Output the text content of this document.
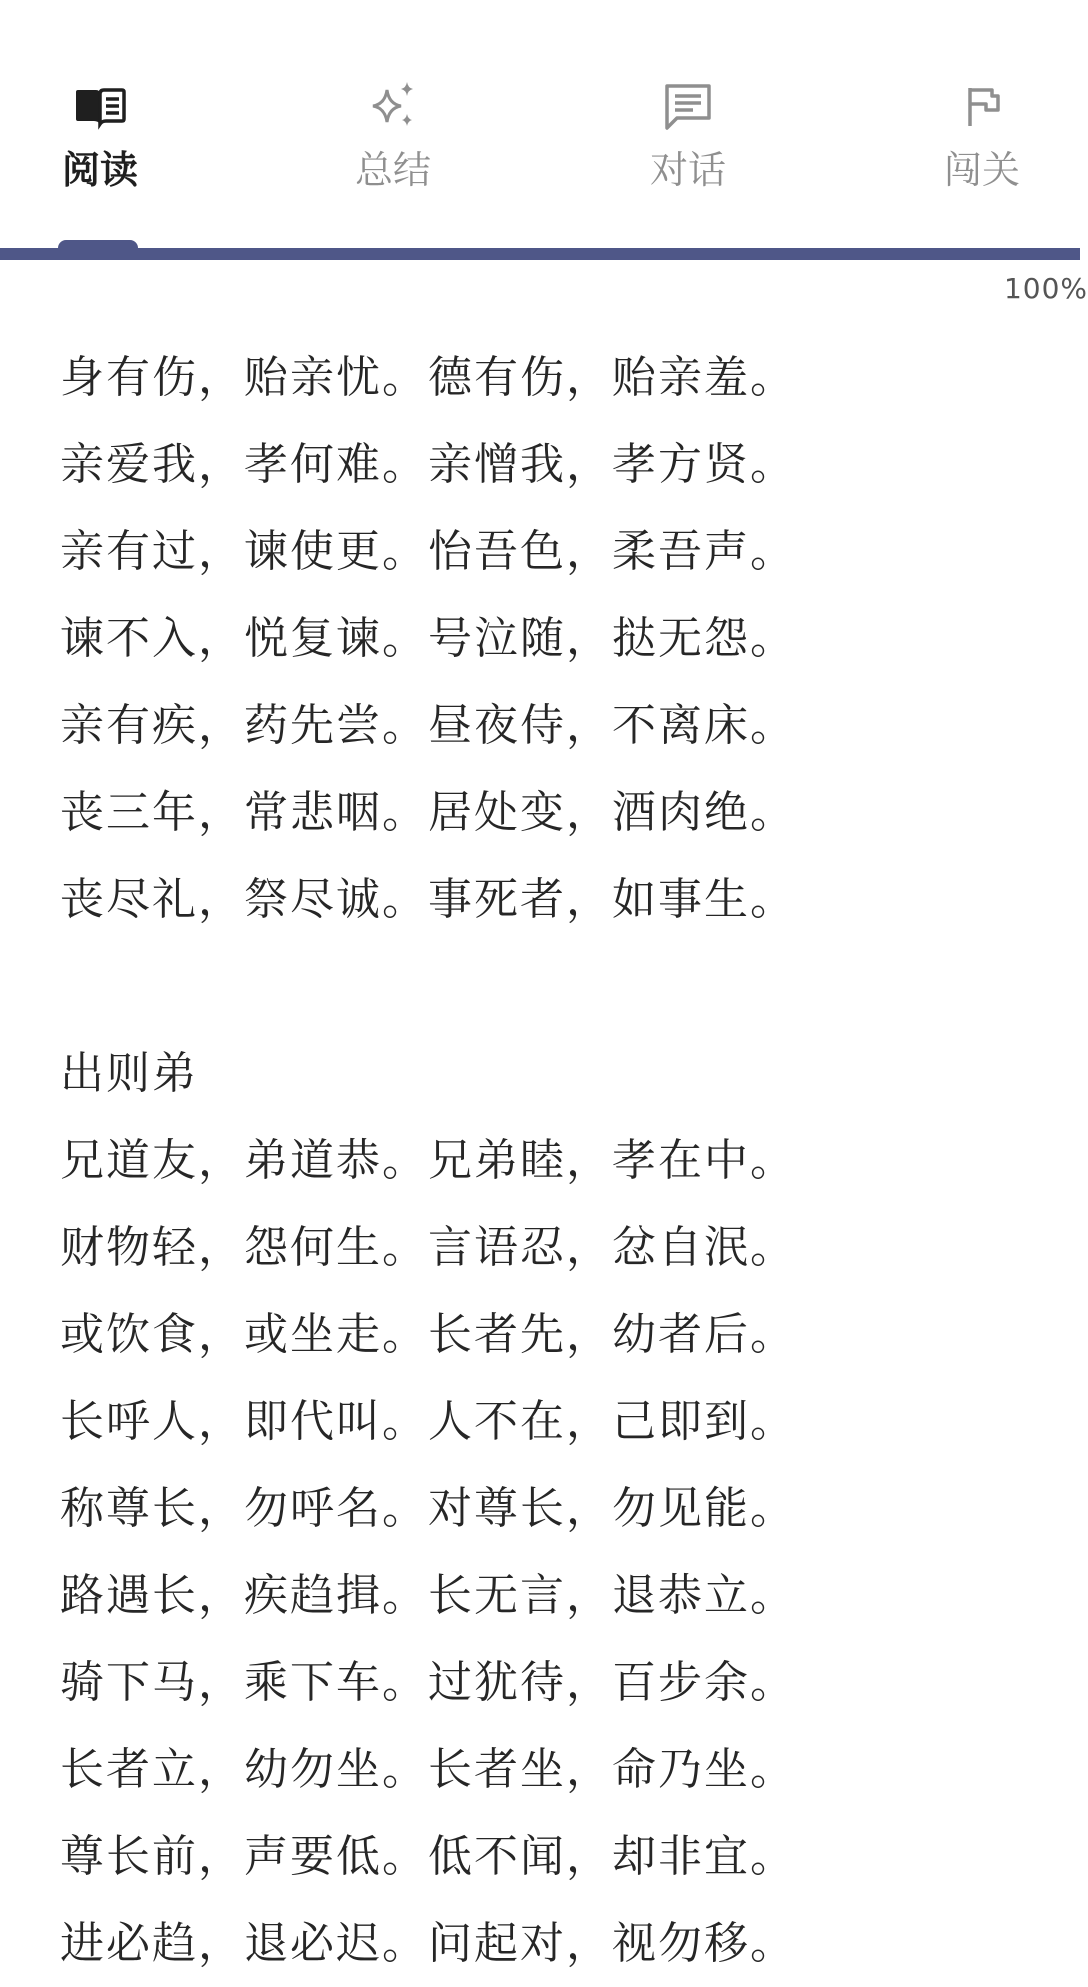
阅读	总结	对话	闯关
100%
身有伤，贻亲忧。德有伤，贻亲羞。
亲爱我，孝何难。亲憎我，孝方贤。
亲有过，谏使更。怡吾色，柔吾声。
谏不入，悦复谏。号泣随，挞无怨。
亲有疾，药先尝。昼夜侍，不离床。
丧三年，常悲咽。居处变，酒肉绝。
丧尽礼，祭尽诚。事死者，如事生。
出则弟
兄道友，弟道恭。兄弟睦，孝在中。
财物轻，怨何生。言语忍，忿自泯。
或饮食，或坐走。长者先，幼者后。
长呼人，即代叫。人不在，己即到。
称尊长，勿呼名。对尊长，勿见能。
路遇长，疾趋揖。长无言，退恭立。
骑下马，乘下车。过犹待，百步余。
长者立，幼勿坐。长者坐，命乃坐。
尊长前，声要低。低不闻，却非宜。
进必趋，退必迟。问起对，视勿移。
